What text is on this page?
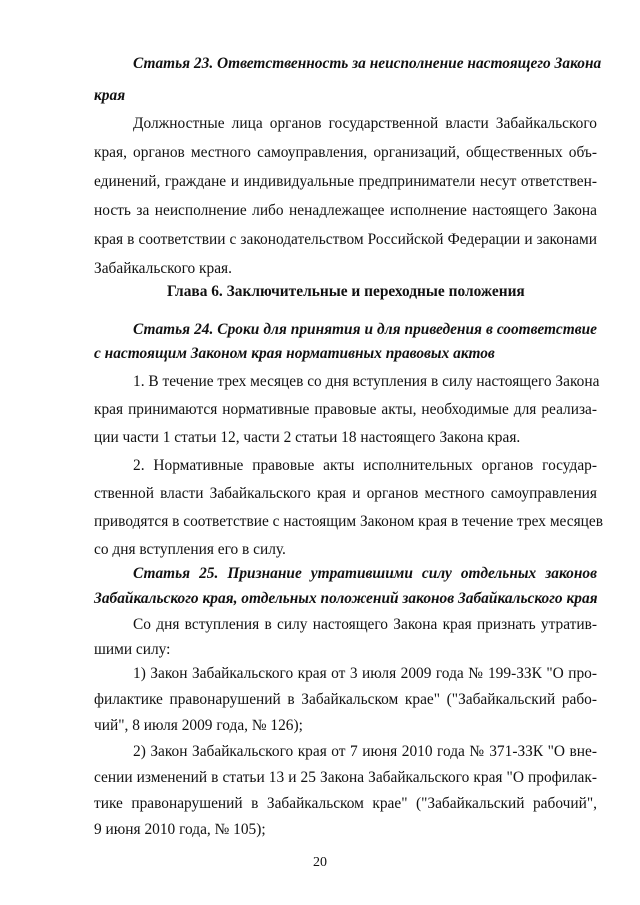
Статья 23. Ответственность за неисполнение настоящего Закона
края
Должностные лица органов государственной власти Забайкальского
края, органов местного самоуправления, организаций, общественных объ-
единений, граждане и индивидуальные предприниматели несут ответствен-
ность за неисполнение либо ненадлежащее исполнение настоящего Закона
края в соответствии с законодательством Российской Федерации и законами
Забайкальского края.
Глава 6. Заключительные и переходные положения
Статья 24. Сроки для принятия и для приведения в соответствие
с настоящим Законом края нормативных правовых актов
1. В течение трех месяцев со дня вступления в силу настоящего Закона
края принимаются нормативные правовые акты, необходимые для реализа-
ции части 1 статьи 12, части 2 статьи 18 настоящего Закона края.
2. Нормативные правовые акты исполнительных органов государ-
ственной власти Забайкальского края и органов местного самоуправления
приводятся в соответствие с настоящим Законом края в течение трех месяцев
со дня вступления его в силу.
Статья 25. Признание утратившими силу отдельных законов
Забайкальского края, отдельных положений законов Забайкальского края
Со дня вступления в силу настоящего Закона края признать утратив-
шими силу:
1) Закон Забайкальского края от 3 июля 2009 года № 199-ЗЗК "О про-
филактике правонарушений в Забайкальском крае" ("Забайкальский рабо-
чий", 8 июля 2009 года, № 126);
2) Закон Забайкальского края от 7 июня 2010 года № 371-ЗЗК "О вне-
сении изменений в статьи 13 и 25 Закона Забайкальского края "О профилак-
тике правонарушений в Забайкальском крае" ("Забайкальский рабочий",
9 июня 2010 года, № 105);
20
